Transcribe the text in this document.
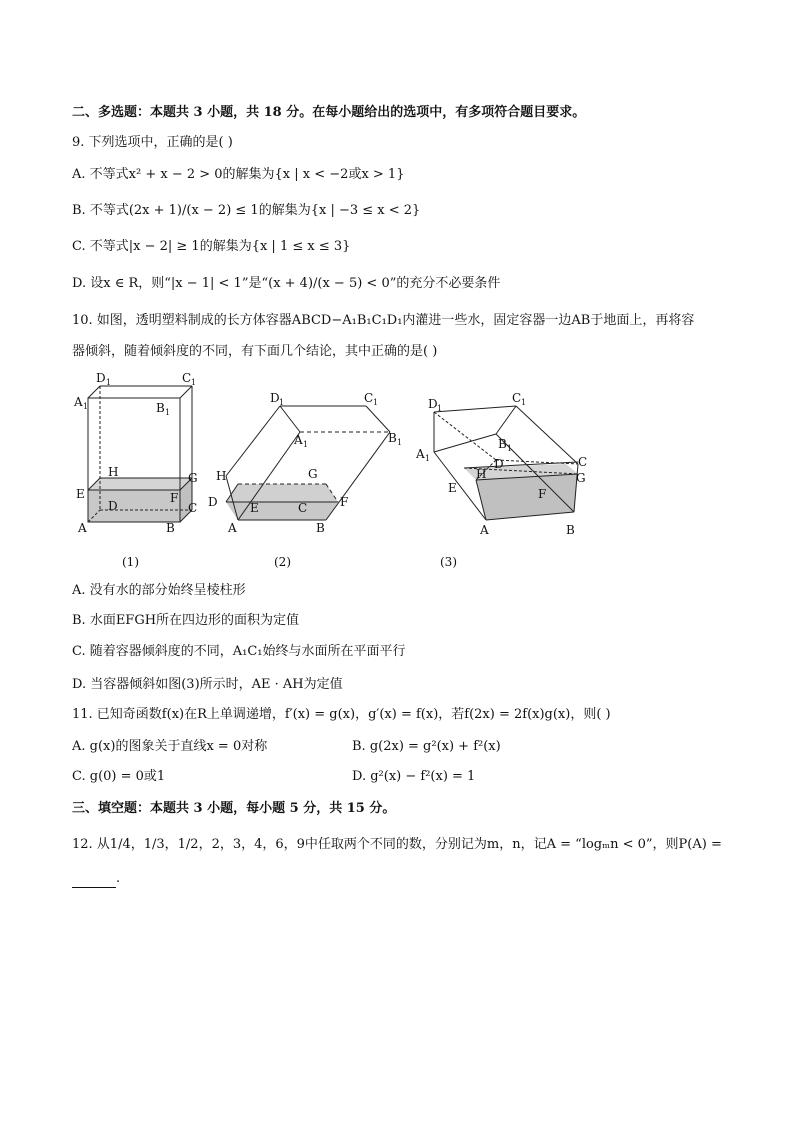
二、多选题：本题共 3 小题，共 18 分。在每小题给出的选项中，有多项符合题目要求。
9. 下列选项中，正确的是( )
A. 不等式x² + x − 2 > 0的解集为{x | x < −2或x > 1}
B. 不等式(2x + 1)/(x − 2) ≤ 1的解集为{x | −3 ≤ x < 2}
C. 不等式|x − 2| ≥ 1的解集为{x | 1 ≤ x ≤ 3}
D. 设x ∈ R，则“|x − 1| < 1”是“(x + 4)/(x − 5) < 0”的充分不必要条件
10. 如图，透明塑料制成的长方体容器ABCD−A₁B₁C₁D₁内灌进一些水，固定容器一边AB于地面上，再将容
器倾斜，随着倾斜度的不同，有下面几个结论，其中正确的是( )
D 1	C 1
A 1	B 1
H	G
E	F
D	C
A	B
(1)
D 1	C 1
A 1	B 1
H	G
D	E	C	F
A	B
(2)
D 1
C 1
A 1
B 1
D	C
G
H
E	F
A	B
(3)
A. 没有水的部分始终呈棱柱形
B. 水面EFGH所在四边形的面积为定值
C. 随着容器倾斜度的不同，A₁C₁始终与水面所在平面平行
D. 当容器倾斜如图(3)所示时，AE · AH为定值
11. 已知奇函数f(x)在R上单调递增，f′(x) = g(x)，g′(x) = f(x)，若f(2x) = 2f(x)g(x)，则( )
A. g(x)的图象关于直线x = 0对称	B. g(2x) = g²(x) + f²(x)
C. g(0) = 0或1	D. g²(x) − f²(x) = 1
三、填空题：本题共 3 小题，每小题 5 分，共 15 分。
12. 从1/4，1/3，1/2，2，3，4，6，9中任取两个不同的数，分别记为m，n，记A = “logₘn < 0”，则P(A) =
.
